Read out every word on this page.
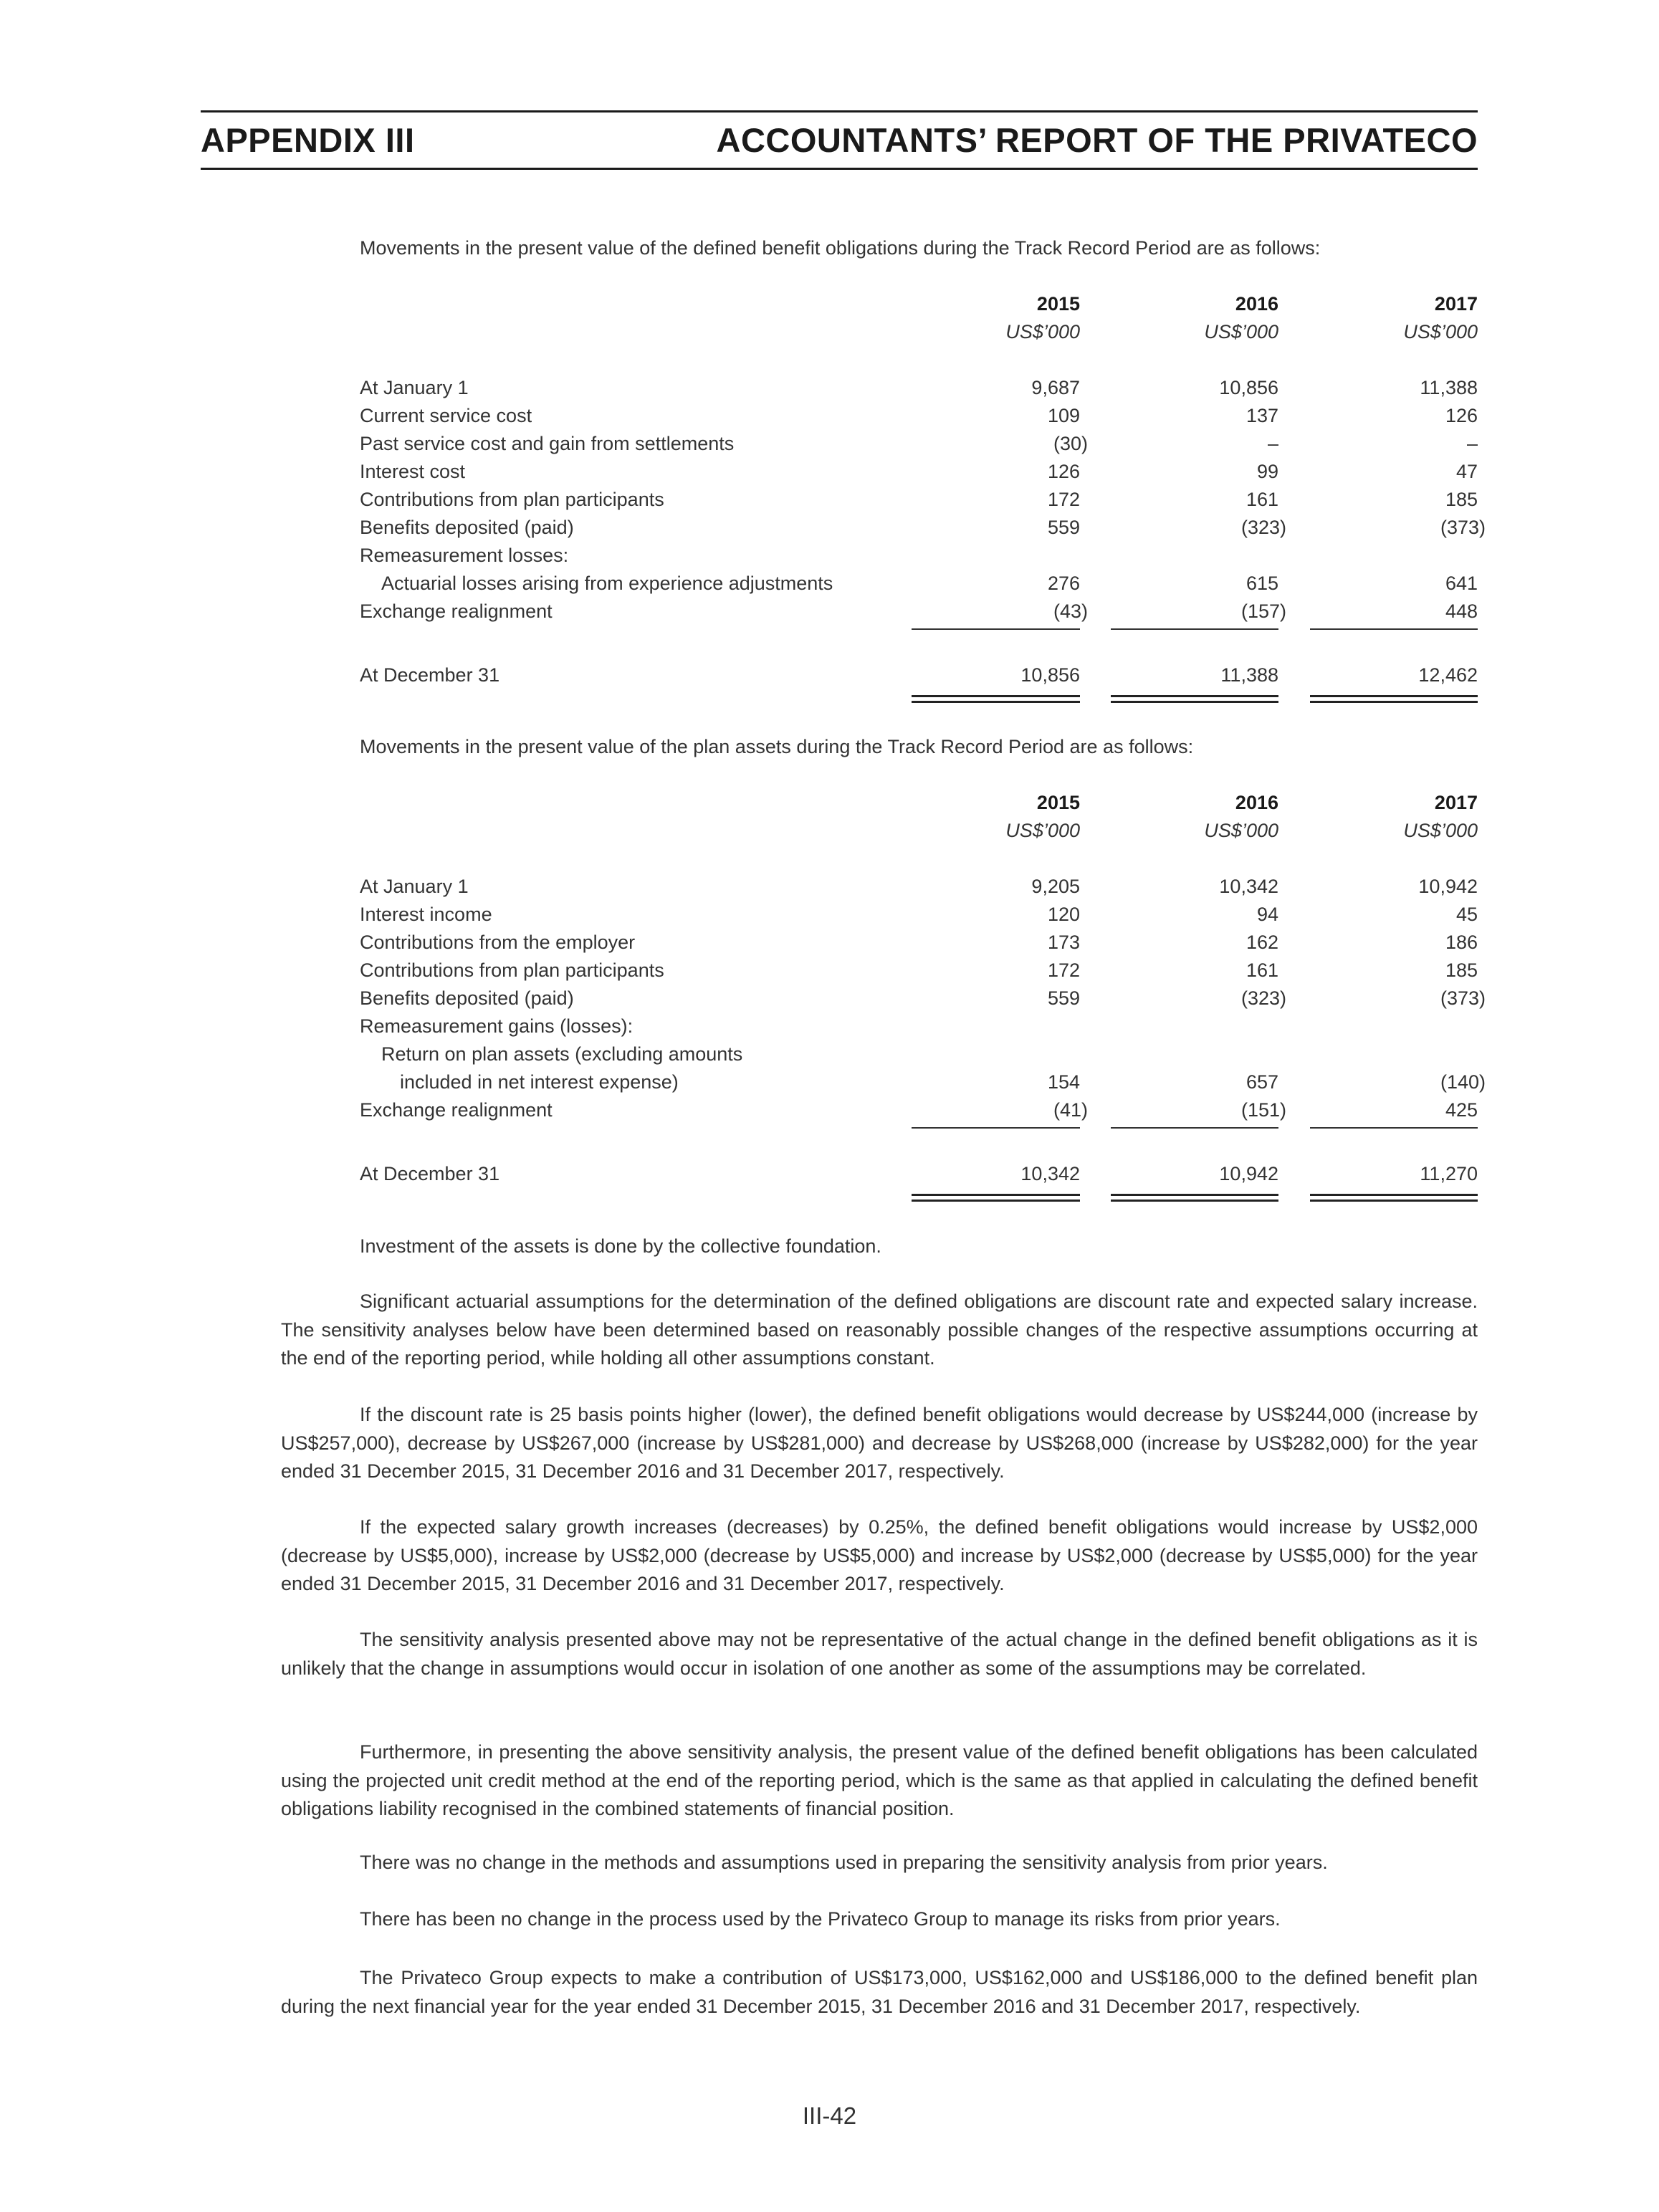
APPENDIX III	ACCOUNTANTS’ REPORT OF THE PRIVATECO
Movements in the present value of the defined benefit obligations during the Track Record Period are as follows:
2015	2016	2017
US$’000	US$’000	US$’000
At January 1	9,687	10,856	11,388
Current service cost	109	137	126
Past service cost and gain from settlements	(30)	–	–
Interest cost	126	99	47
Contributions from plan participants	172	161	185
Benefits deposited (paid)	559	(323)	(373)
Remeasurement losses:
Actuarial losses arising from experience adjustments	276	615	641
Exchange realignment	(43)	(157)	448
At December 31	10,856	11,388	12,462
Movements in the present value of the plan assets during the Track Record Period are as follows:
2015	2016	2017
US$’000	US$’000	US$’000
At January 1	9,205	10,342	10,942
Interest income	120	94	45
Contributions from the employer	173	162	186
Contributions from plan participants	172	161	185
Benefits deposited (paid)	559	(323)	(373)
Remeasurement gains (losses):
Return on plan assets (excluding amounts
included in net interest expense)	154	657	(140)
Exchange realignment	(41)	(151)	425
At December 31	10,342	10,942	11,270
Investment of the assets is done by the collective foundation.
Significant actuarial assumptions for the determination of the defined obligations are discount rate and expected salary increase. The sensitivity analyses below have been determined based on reasonably possible changes of the respective assumptions occurring at the end of the reporting period, while holding all other assumptions constant.
If the discount rate is 25 basis points higher (lower), the defined benefit obligations would decrease by US$244,000 (increase by US$257,000), decrease by US$267,000 (increase by US$281,000) and decrease by US$268,000 (increase by US$282,000) for the year ended 31 December 2015, 31 December 2016 and 31 December 2017, respectively.
If the expected salary growth increases (decreases) by 0.25%, the defined benefit obligations would increase by US$2,000 (decrease by US$5,000), increase by US$2,000 (decrease by US$5,000) and increase by US$2,000 (decrease by US$5,000) for the year ended 31 December 2015, 31 December 2016 and 31 December 2017, respectively.
The sensitivity analysis presented above may not be representative of the actual change in the defined benefit obligations as it is unlikely that the change in assumptions would occur in isolation of one another as some of the assumptions may be correlated.
Furthermore, in presenting the above sensitivity analysis, the present value of the defined benefit obligations has been calculated using the projected unit credit method at the end of the reporting period, which is the same as that applied in calculating the defined benefit obligations liability recognised in the combined statements of financial position.
There was no change in the methods and assumptions used in preparing the sensitivity analysis from prior years.
There has been no change in the process used by the Privateco Group to manage its risks from prior years.
The Privateco Group expects to make a contribution of US$173,000, US$162,000 and US$186,000 to the defined benefit plan during the next financial year for the year ended 31 December 2015, 31 December 2016 and 31 December 2017, respectively.
III-42
